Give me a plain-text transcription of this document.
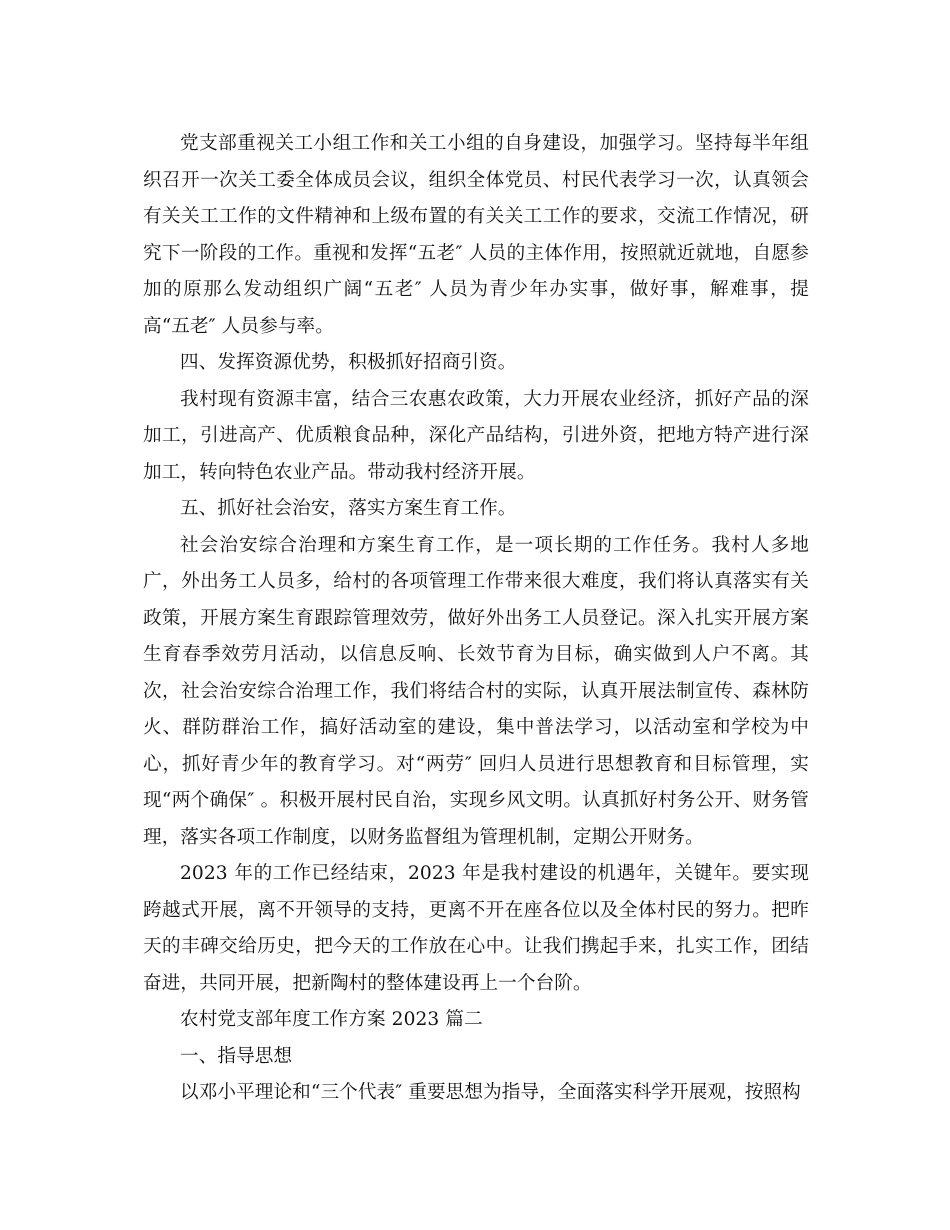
党支部重视关工小组工作和关工小组的自身建设，加强学习。坚持每半年组织召开一次关工委全体成员会议，组织全体党员、村民代表学习一次，认真领会有关关工工作的文件精神和上级布置的有关关工工作的要求，交流工作情况，研究下一阶段的工作。重视和发挥“五老″ 人员的主体作用，按照就近就地，自愿参加的原那么发动组织广阔“五老″ 人员为青少年办实事，做好事，解难事，提高“五老″ 人员参与率。

四、发挥资源优势，积极抓好招商引资。

我村现有资源丰富，结合三农惠农政策，大力开展农业经济，抓好产品的深加工，引进高产、优质粮食品种，深化产品结构，引进外资，把地方特产进行深加工，转向特色农业产品。带动我村经济开展。

五、抓好社会治安，落实方案生育工作。

社会治安综合治理和方案生育工作，是一项长期的工作任务。我村人多地广，外出务工人员多，给村的各项管理工作带来很大难度，我们将认真落实有关政策，开展方案生育跟踪管理效劳，做好外出务工人员登记。深入扎实开展方案生育春季效劳月活动，以信息反响、长效节育为目标，确实做到人户不离。其次，社会治安综合治理工作，我们将结合村的实际，认真开展法制宣传、森林防火、群防群治工作，搞好活动室的建设，集中普法学习，以活动室和学校为中心，抓好青少年的教育学习。对“两劳″ 回归人员进行思想教育和目标管理，实现“两个确保″ 。积极开展村民自治，实现乡风文明。认真抓好村务公开、财务管理，落实各项工作制度，以财务监督组为管理机制，定期公开财务。

2023 年的工作已经结束，2023 年是我村建设的机遇年，关键年。要实现跨越式开展，离不开领导的支持，更离不开在座各位以及全体村民的努力。把昨天的丰碑交给历史，把今天的工作放在心中。让我们携起手来，扎实工作，团结奋进，共同开展，把新陶村的整体建设再上一个台阶。

农村党支部年度工作方案 2023 篇二

一、指导思想

以邓小平理论和“三个代表″ 重要思想为指导，全面落实科学开展观，按照构
